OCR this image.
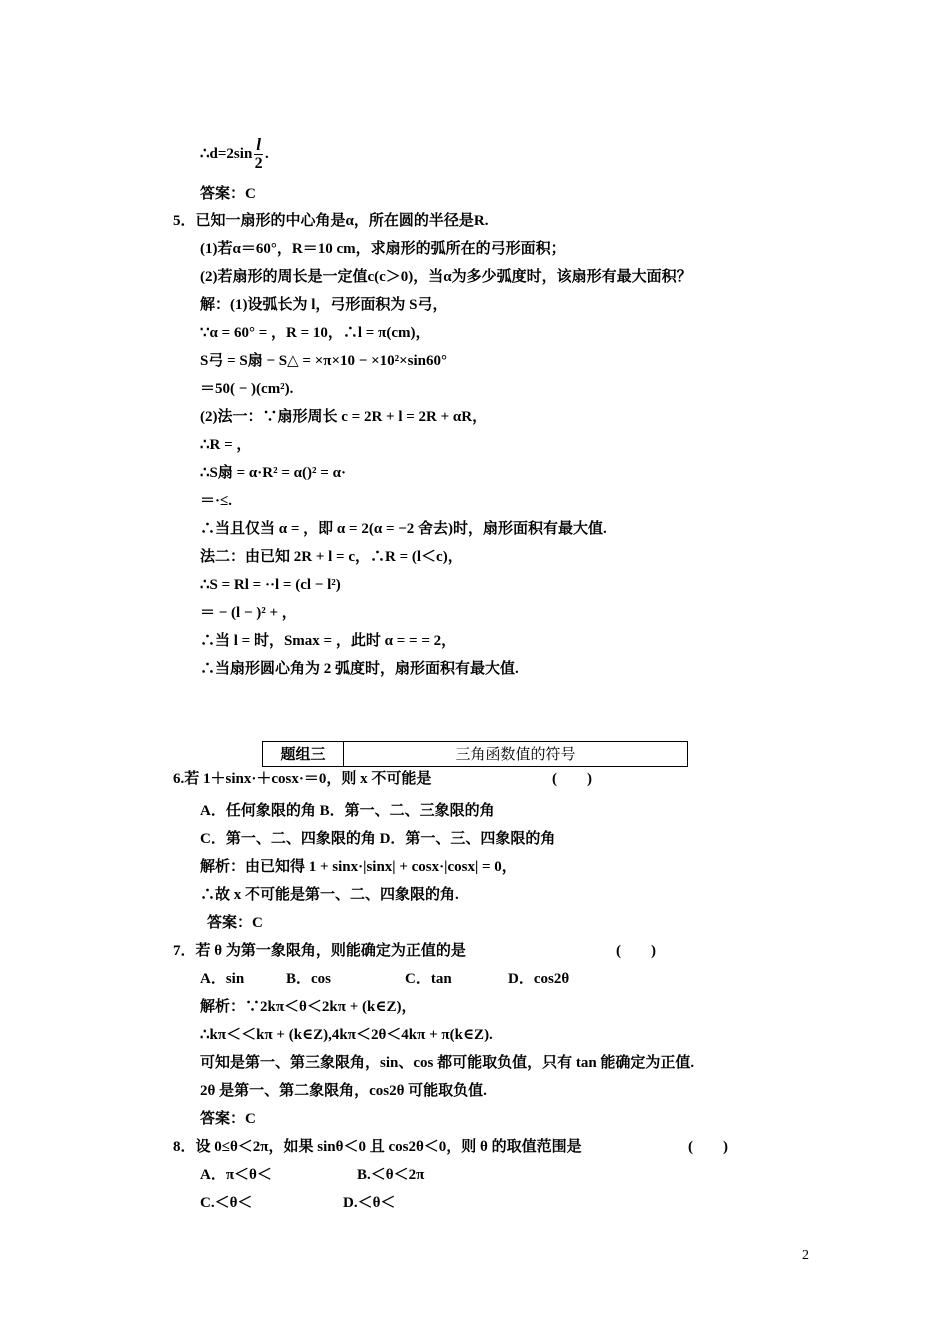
∴d=2sin $\frac{l}{2}$ .
答案：C
5．已知一扇形的中心角是α，所在圆的半径是R.
(1)若α＝60°，R＝10 cm，求扇形的弧所在的弓形面积；
(2)若扇形的周长是一定值c(c＞0)，当α为多少弧度时，该扇形有最大面积？
解：(1)设弧长为 l，弓形面积为 S弓，
∵α = 60° = ，R = 10，∴l = π(cm)，
S弓 = S扇 − S△ = ×π×10 − ×10²×sin60°
＝50( − )(cm²).
(2)法一：∵扇形周长 c = 2R + l = 2R + αR，
∴R = ，
∴S扇 = α·R² = α()² = α·
＝·≤.
∴当且仅当 α = ，即 α = 2(α = −2 舍去)时，扇形面积有最大值.
法二：由已知 2R + l = c，∴R = (l＜c)，
∴S = Rl = ··l = (cl − l²)
＝ − (l − )² + ，
∴当 l = 时，Smax = ，此时 α = = = 2，
∴当扇形圆心角为 2 弧度时，扇形面积有最大值.
题组三	三角函数值的符号
6.若 1＋sinx·＋cosx·＝0，则 x 不可能是	(　　)
A．任何象限的角 B．第一、二、三象限的角
C．第一、二、四象限的角 D．第一、三、四象限的角
解析：由已知得 1 + sinx·|sinx| + cosx·|cosx| = 0，
∴故 x 不可能是第一、二、四象限的角.
答案：C
7．若 θ 为第一象限角，则能确定为正值的是	(　　)
A．sin	B．cos	C．tan	D．cos2θ
解析：∵2kπ＜θ＜2kπ + (k∈Z)，
∴kπ＜＜kπ + (k∈Z),4kπ＜2θ＜4kπ + π(k∈Z).
可知是第一、第三象限角，sin、cos 都可能取负值，只有 tan 能确定为正值.
2θ 是第一、第二象限角，cos2θ 可能取负值.
答案：C
8．设 0≤θ＜2π，如果 sinθ＜0 且 cos2θ＜0，则 θ 的取值范围是	(　　)
A．π＜θ＜	B.＜θ＜2π
C.＜θ＜	D.＜θ＜
2
